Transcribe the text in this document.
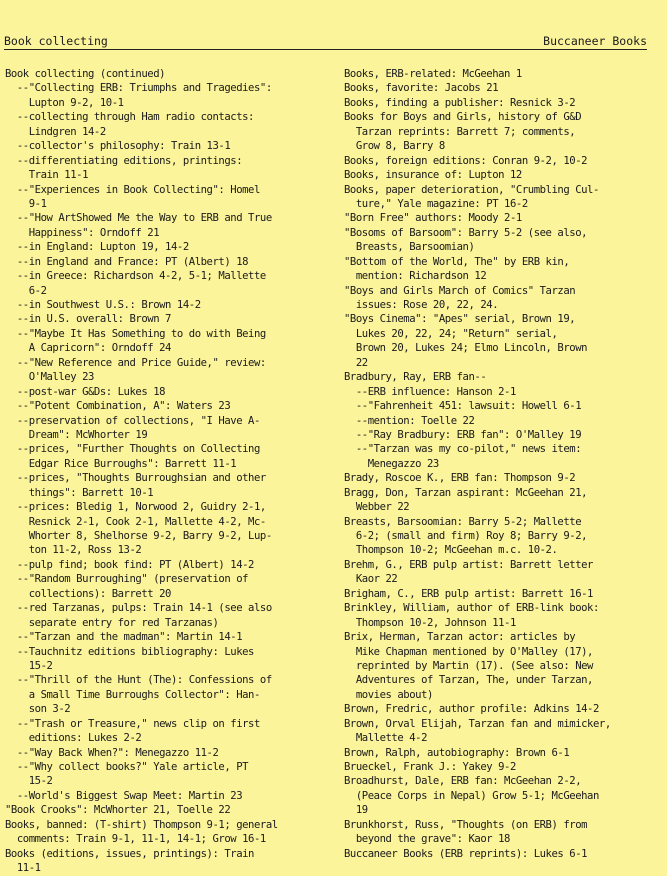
Book collecting	Buccaneer Books
Book collecting (continued)
--"Collecting ERB: Triumphs and Tragedies":
Lupton 9-2, 10-1
--collecting through Ham radio contacts:
Lindgren 14-2
--collector's philosophy: Train 13-1
--differentiating editions, printings:
Train 11-1
--"Experiences in Book Collecting": Homel
9-1
--"How ArtShowed Me the Way to ERB and True
Happiness": Orndoff 21
--in England: Lupton 19, 14-2
--in England and France: PT (Albert) 18
--in Greece: Richardson 4-2, 5-1; Mallette
6-2
--in Southwest U.S.: Brown 14-2
--in U.S. overall: Brown 7
--"Maybe It Has Something to do with Being
A Capricorn": Orndoff 24
--"New Reference and Price Guide," review:
O'Malley 23
--post-war G&Ds: Lukes 18
--"Potent Combination, A": Waters 23
--preservation of collections, "I Have A-
Dream": McWhorter 19
--prices, "Further Thoughts on Collecting
Edgar Rice Burroughs": Barrett 11-1
--prices, "Thoughts Burroughsian and other
things": Barrett 10-1
--prices: Bledig 1, Norwood 2, Guidry 2-1,
Resnick 2-1, Cook 2-1, Mallette 4-2, Mc-
Whorter 8, Shelhorse 9-2, Barry 9-2, Lup-
ton 11-2, Ross 13-2
--pulp find; book find: PT (Albert) 14-2
--"Random Burroughing" (preservation of
collections): Barrett 20
--red Tarzanas, pulps: Train 14-1 (see also
separate entry for red Tarzanas)
--"Tarzan and the madman": Martin 14-1
--Tauchnitz editions bibliography: Lukes
15-2
--"Thrill of the Hunt (The): Confessions of
a Small Time Burroughs Collector": Han-
son 3-2
--"Trash or Treasure," news clip on first
editions: Lukes 2-2
--"Way Back When?": Menegazzo 11-2
--"Why collect books?" Yale article, PT
15-2
--World's Biggest Swap Meet: Martin 23
"Book Crooks": McWhorter 21, Toelle 22
Books, banned: (T-shirt) Thompson 9-1; general
comments: Train 9-1, 11-1, 14-1; Grow 16-1
Books (editions, issues, printings): Train
11-1
Books, ERB-related: McGeehan 1
Books, favorite: Jacobs 21
Books, finding a publisher: Resnick 3-2
Books for Boys and Girls, history of G&D
Tarzan reprints: Barrett 7; comments,
Grow 8, Barry 8
Books, foreign editions: Conran 9-2, 10-2
Books, insurance of: Lupton 12
Books, paper deterioration, "Crumbling Cul-
ture," Yale magazine: PT 16-2
"Born Free" authors: Moody 2-1
"Bosoms of Barsoom": Barry 5-2 (see also,
Breasts, Barsoomian)
"Bottom of the World, The" by ERB kin,
mention: Richardson 12
"Boys and Girls March of Comics" Tarzan
issues: Rose 20, 22, 24.
"Boys Cinema": "Apes" serial, Brown 19,
Lukes 20, 22, 24; "Return" serial,
Brown 20, Lukes 24; Elmo Lincoln, Brown
22
Bradbury, Ray, ERB fan--
--ERB influence: Hanson 2-1
--"Fahrenheit 451: lawsuit: Howell 6-1
--mention: Toelle 22
--"Ray Bradbury: ERB fan": O'Malley 19
--"Tarzan was my co-pilot," news item:
Menegazzo 23
Brady, Roscoe K., ERB fan: Thompson 9-2
Bragg, Don, Tarzan aspirant: McGeehan 21,
Webber 22
Breasts, Barsoomian: Barry 5-2; Mallette
6-2; (small and firm) Roy 8; Barry 9-2,
Thompson 10-2; McGeehan m.c. 10-2.
Brehm, G., ERB pulp artist: Barrett letter
Kaor 22
Brigham, C., ERB pulp artist: Barrett 16-1
Brinkley, William, author of ERB-link book:
Thompson 10-2, Johnson 11-1
Brix, Herman, Tarzan actor: articles by
Mike Chapman mentioned by O'Malley (17),
reprinted by Martin (17). (See also: New
Adventures of Tarzan, The, under Tarzan,
movies about)
Brown, Fredric, author profile: Adkins 14-2
Brown, Orval Elijah, Tarzan fan and mimicker,
Mallette 4-2
Brown, Ralph, autobiography: Brown 6-1
Brueckel, Frank J.: Yakey 9-2
Broadhurst, Dale, ERB fan: McGeehan 2-2,
(Peace Corps in Nepal) Grow 5-1; McGeehan
19
Brunkhorst, Russ, "Thoughts (on ERB) from
beyond the grave": Kaor 18
Buccaneer Books (ERB reprints): Lukes 6-1
